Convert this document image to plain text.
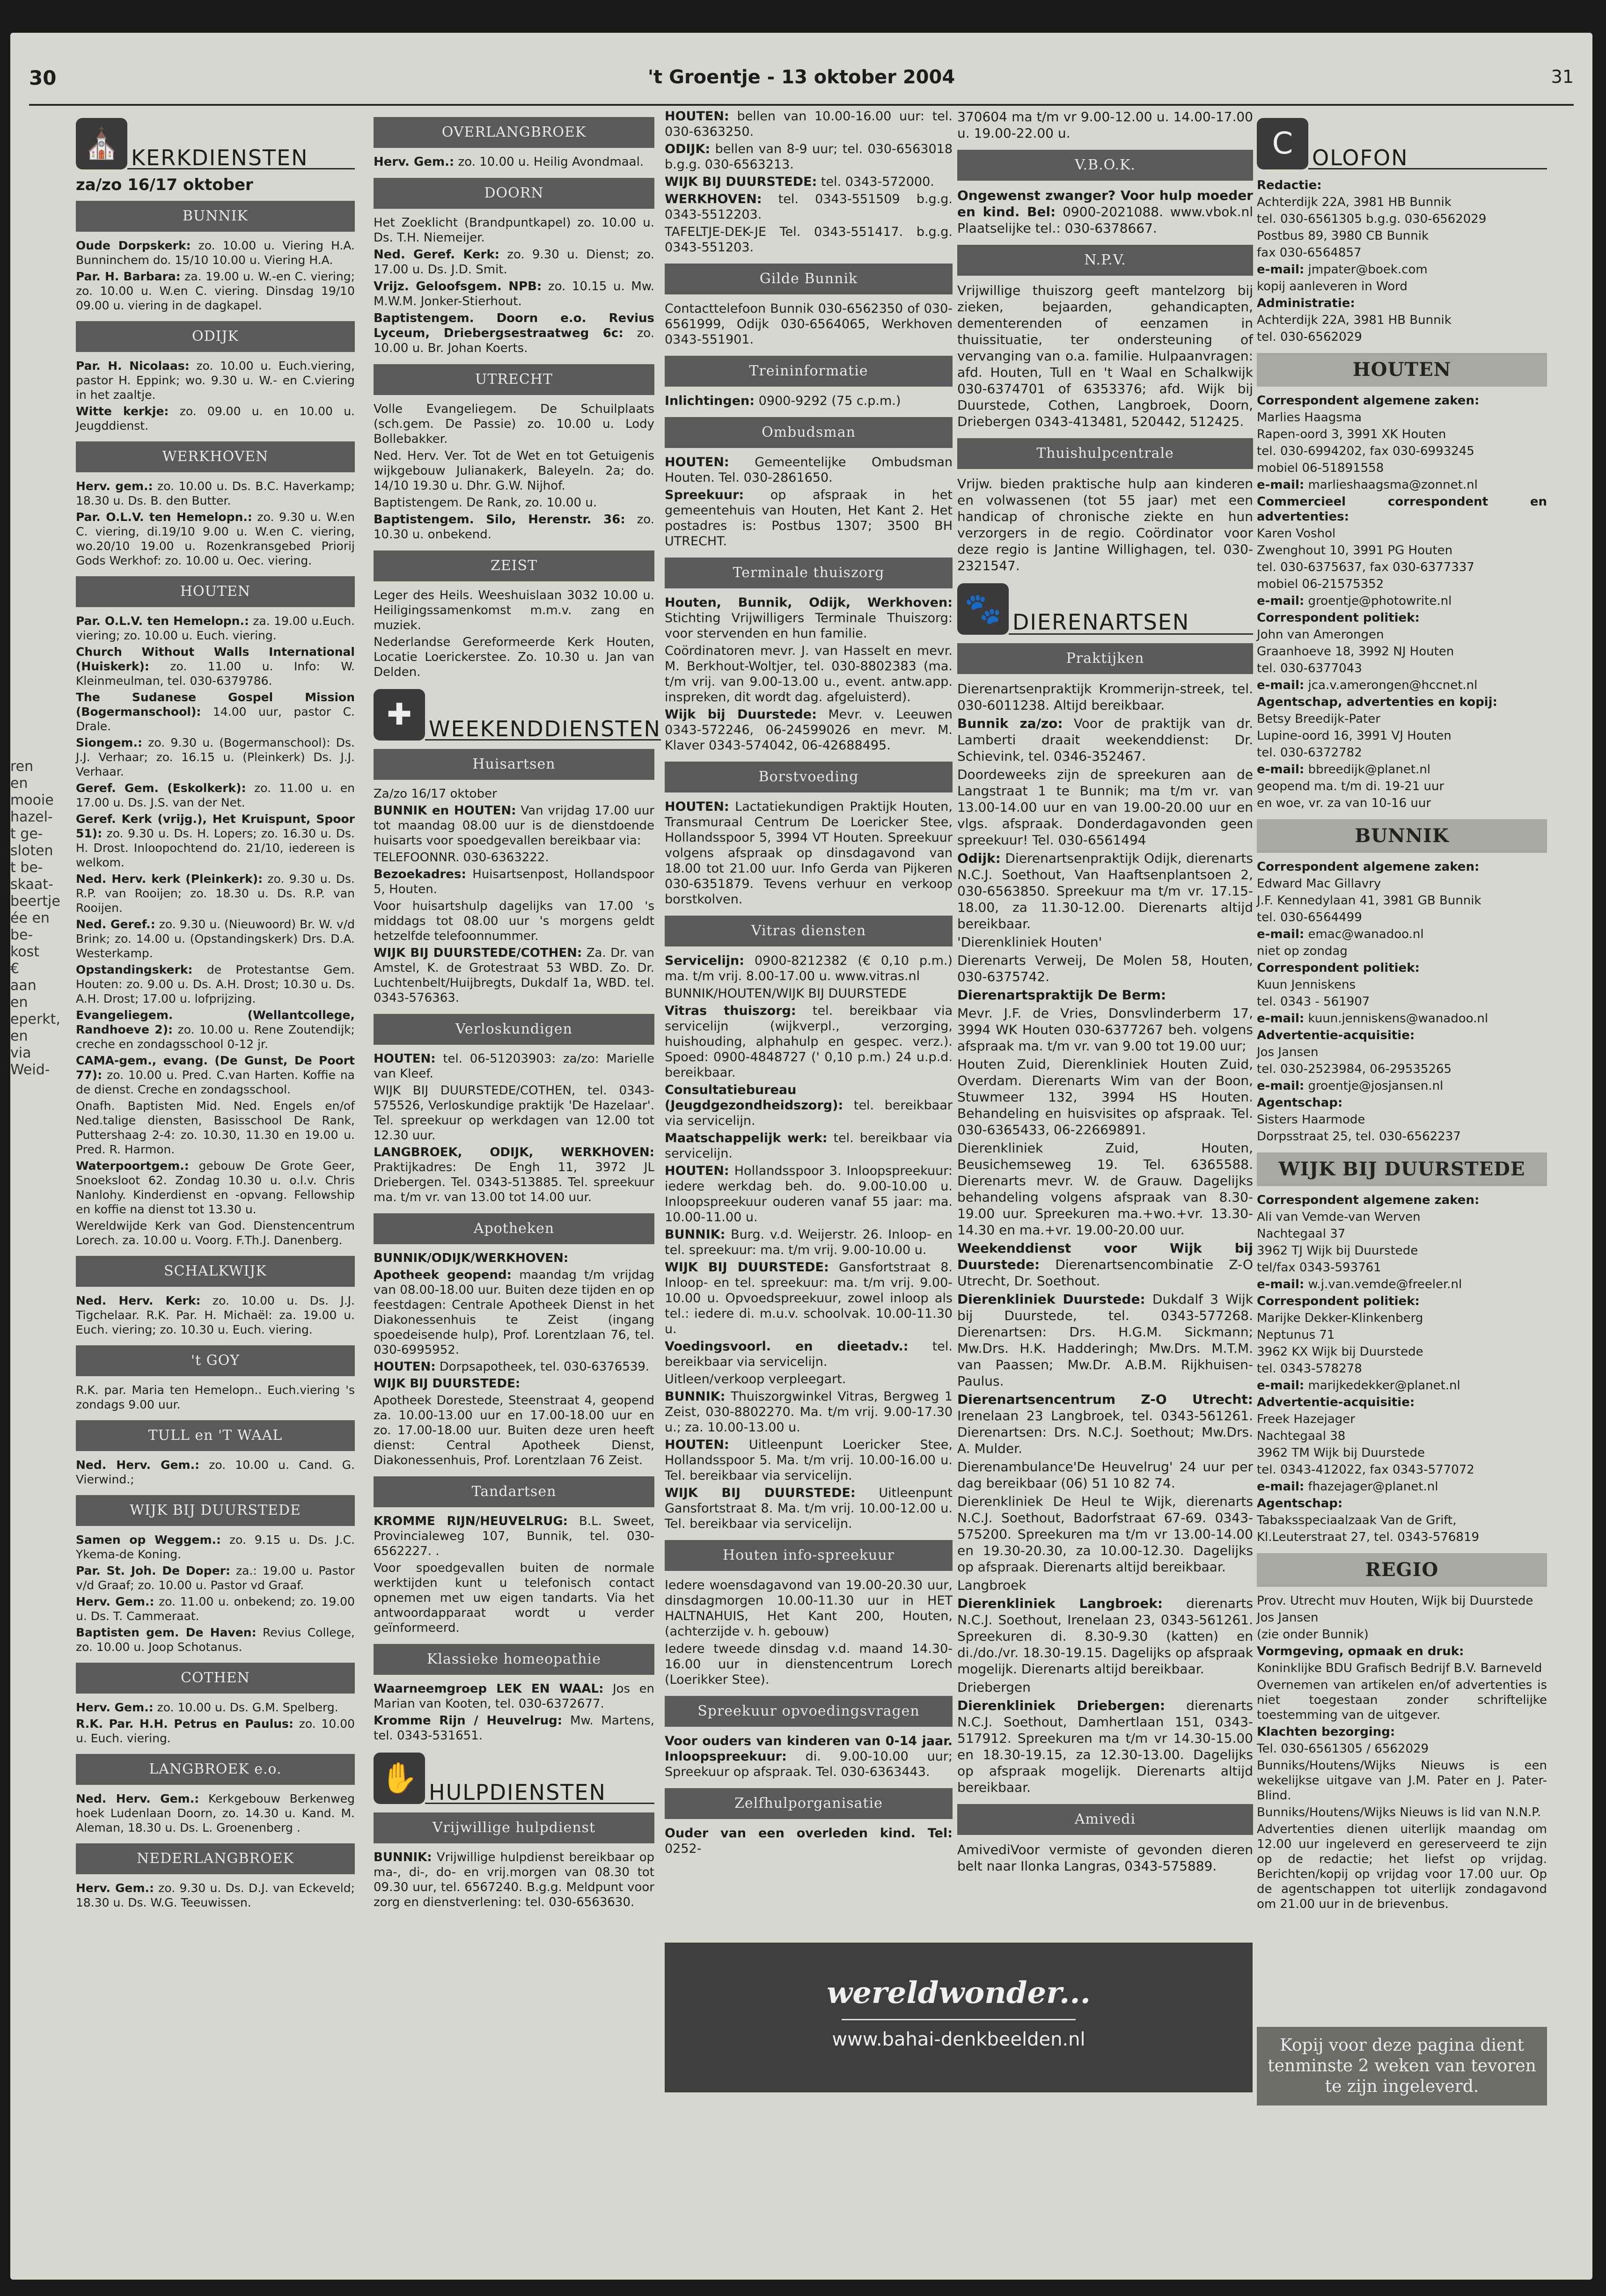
30	't Groentje - 13 oktober 2004	31
ren en
mooie
hazel-
t ge-
sloten
t be-
skaat-
beertje
ée en
be-
kost €
aan en
eperkt,
en via
Weid-
⛪ KERKDIENSTEN
za/zo 16/17 oktober
BUNNIK
Oude Dorpskerk: zo. 10.00 u. Viering H.A. Bunninchem do. 15/10 10.00 u. Viering H.A.
Par. H. Barbara: za. 19.00 u. W.-en C. viering; zo. 10.00 u. W.en C. viering. Dinsdag 19/10 09.00 u. viering in de dagkapel.
ODIJK
Par. H. Nicolaas: zo. 10.00 u. Euch.viering, pastor H. Eppink; wo. 9.30 u. W.- en C.viering in het zaaltje.
Witte kerkje: zo. 09.00 u. en 10.00 u. Jeugddienst.
WERKHOVEN
Herv. gem.: zo. 10.00 u. Ds. B.C. Haverkamp; 18.30 u. Ds. B. den Butter.
Par. O.L.V. ten Hemelopn.: zo. 9.30 u. W.en C. viering, di.19/10 9.00 u. W.en C. viering, wo.20/10 19.00 u. Rozenkransgebed Priorij Gods Werkhof: zo. 10.00 u. Oec. viering.
HOUTEN
Par. O.L.V. ten Hemelopn.: za. 19.00 u.Euch. viering; zo. 10.00 u. Euch. viering.
Church Without Walls International (Huiskerk): zo. 11.00 u. Info: W. Kleinmeulman, tel. 030-6379786.
The Sudanese Gospel Mission (Bogermanschool): 14.00 uur, pastor C. Drale.
Siongem.: zo. 9.30 u. (Bogermanschool): Ds. J.J. Verhaar; zo. 16.15 u. (Pleinkerk) Ds. J.J. Verhaar.
Geref. Gem. (Eskolkerk): zo. 11.00 u. en 17.00 u. Ds. J.S. van der Net.
Geref. Kerk (vrijg.), Het Kruispunt, Spoor 51): zo. 9.30 u. Ds. H. Lopers; zo. 16.30 u. Ds. H. Drost. Inloopochtend do. 21/10, iedereen is welkom.
Ned. Herv. kerk (Pleinkerk): zo. 9.30 u. Ds. R.P. van Rooijen; zo. 18.30 u. Ds. R.P. van Rooijen.
Ned. Geref.: zo. 9.30 u. (Nieuwoord) Br. W. v/d Brink; zo. 14.00 u. (Opstandingskerk) Drs. D.A. Westerkamp.
Opstandingskerk: de Protestantse Gem. Houten: zo. 9.00 u. Ds. A.H. Drost; 10.30 u. Ds. A.H. Drost; 17.00 u. lofprijzing.
Evangeliegem. (Wellantcollege, Randhoeve 2): zo. 10.00 u. Rene Zoutendijk; creche en zondagsschool 0-12 jr.
CAMA-gem., evang. (De Gunst, De Poort 77): zo. 10.00 u. Pred. C.van Harten. Koffie na de dienst. Creche en zondagsschool.
Onafh. Baptisten Mid. Ned. Engels en/of Ned.talige diensten, Basisschool De Rank, Puttershaag 2-4: zo. 10.30, 11.30 en 19.00 u. Pred. R. Harmon.
Waterpoortgem.: gebouw De Grote Geer, Snoeksloot 62. Zondag 10.30 u. o.l.v. Chris Nanlohy. Kinderdienst en -opvang. Fellowship en koffie na dienst tot 13.30 u.
Wereldwijde Kerk van God. Dienstencentrum Lorech. za. 10.00 u. Voorg. F.Th.J. Danenberg.
SCHALKWIJK
Ned. Herv. Kerk: zo. 10.00 u. Ds. J.J. Tigchelaar. R.K. Par. H. Michaël: za. 19.00 u. Euch. viering; zo. 10.30 u. Euch. viering.
't GOY
R.K. par. Maria ten Hemelopn.. Euch.viering 's zondags 9.00 uur.
TULL en 'T WAAL
Ned. Herv. Gem.: zo. 10.00 u. Cand. G. Vierwind.;
WIJK BIJ DUURSTEDE
Samen op Weggem.: zo. 9.15 u. Ds. J.C. Ykema-de Koning.
Par. St. Joh. De Doper: za.: 19.00 u. Pastor v/d Graaf; zo. 10.00 u. Pastor vd Graaf.
Herv. Gem.: zo. 11.00 u. onbekend; zo. 19.00 u. Ds. T. Cammeraat.
Baptisten gem. De Haven: Revius College, zo. 10.00 u. Joop Schotanus.
COTHEN
Herv. Gem.: zo. 10.00 u. Ds. G.M. Spelberg.
R.K. Par. H.H. Petrus en Paulus: zo. 10.00 u. Euch. viering.
LANGBROEK e.o.
Ned. Herv. Gem.: Kerkgebouw Berkenweg hoek Ludenlaan Doorn, zo. 14.30 u. Kand. M. Aleman, 18.30 u. Ds. L. Groenenberg .
NEDERLANGBROEK
Herv. Gem.: zo. 9.30 u. Ds. D.J. van Eckeveld; 18.30 u. Ds. W.G. Teeuwissen.
OVERLANGBROEK
Herv. Gem.: zo. 10.00 u. Heilig Avondmaal.
DOORN
Het Zoeklicht (Brandpuntkapel) zo. 10.00 u. Ds. T.H. Niemeijer.
Ned. Geref. Kerk: zo. 9.30 u. Dienst; zo. 17.00 u. Ds. J.D. Smit.
Vrijz. Geloofsgem. NPB: zo. 10.15 u. Mw. M.W.M. Jonker-Stierhout.
Baptistengem. Doorn e.o. Revius Lyceum, Driebergsestraatweg 6c: zo. 10.00 u. Br. Johan Koerts.
UTRECHT
Volle Evangeliegem. De Schuilplaats (sch.gem. De Passie) zo. 10.00 u. Lody Bollebakker.
Ned. Herv. Ver. Tot de Wet en tot Getuigenis wijkgebouw Julianakerk, Baleyeln. 2a; do. 14/10 19.30 u. Dhr. G.W. Nijhof.
Baptistengem. De Rank, zo. 10.00 u.
Baptistengem. Silo, Herenstr. 36: zo. 10.30 u. onbekend.
ZEIST
Leger des Heils. Weeshuislaan 3032 10.00 u. Heiligingssamenkomst m.m.v. zang en muziek.
Nederlandse Gereformeerde Kerk Houten, Locatie Loerickerstee. Zo. 10.30 u. Jan van Delden.
✚ WEEKENDDIENSTEN
Huisartsen
Za/zo 16/17 oktober
BUNNIK en HOUTEN: Van vrijdag 17.00 uur tot maandag 08.00 uur is de dienstdoende huisarts voor spoedgevallen bereikbaar via:
TELEFOONNR. 030-6363222.
Bezoekadres: Huisartsenpost, Hollandspoor 5, Houten.
Voor huisartshulp dagelijks van 17.00 's middags tot 08.00 uur 's morgens geldt hetzelfde telefoonnummer.
WIJK BIJ DUURSTEDE/COTHEN: Za. Dr. van Amstel, K. de Grotestraat 53 WBD. Zo. Dr. Luchtenbelt/Huijbregts, Dukdalf 1a, WBD. tel. 0343-576363.
Verloskundigen
HOUTEN: tel. 06-51203903: za/zo: Marielle van Kleef.
WIJK BIJ DUURSTEDE/COTHEN, tel. 0343-575526, Verloskundige praktijk 'De Hazelaar'. Tel. spreekuur op werkdagen van 12.00 tot 12.30 uur.
LANGBROEK, ODIJK, WERKHOVEN: Praktijkadres: De Engh 11, 3972 JL Driebergen. Tel. 0343-513885. Tel. spreekuur ma. t/m vr. van 13.00 tot 14.00 uur.
Apotheken
BUNNIK/ODIJK/WERKHOVEN:
Apotheek geopend: maandag t/m vrijdag van 08.00-18.00 uur. Buiten deze tijden en op feestdagen: Centrale Apotheek Dienst in het Diakonessenhuis te Zeist (ingang spoedeisende hulp), Prof. Lorentzlaan 76, tel. 030-6995952.
HOUTEN: Dorpsapotheek, tel. 030-6376539.
WIJK BIJ DUURSTEDE:
Apotheek Dorestede, Steenstraat 4, geopend za. 10.00-13.00 uur en 17.00-18.00 uur en zo. 17.00-18.00 uur. Buiten deze uren heeft dienst: Central Apotheek Dienst, Diakonessenhuis, Prof. Lorentzlaan 76 Zeist.
Tandartsen
KROMME RIJN/HEUVELRUG: B.L. Sweet, Provincialeweg 107, Bunnik, tel. 030-6562227. .
Voor spoedgevallen buiten de normale werktijden kunt u telefonisch contact opnemen met uw eigen tandarts. Via het antwoordapparaat wordt u verder geïnformeerd.
Klassieke homeopathie
Waarneemgroep LEK EN WAAL: Jos en Marian van Kooten, tel. 030-6372677.
Kromme Rijn / Heuvelrug: Mw. Martens, tel. 0343-531651.
✋ HULPDIENSTEN
Vrijwillige hulpdienst
BUNNIK: Vrijwillige hulpdienst bereikbaar op ma-, di-, do- en vrij.morgen van 08.30 tot 09.30 uur, tel. 6567240. B.g.g. Meldpunt voor zorg en dienstverlening: tel. 030-6563630.
HOUTEN: bellen van 10.00-16.00 uur: tel. 030-6363250.
ODIJK: bellen van 8-9 uur; tel. 030-6563018 b.g.g. 030-6563213.
WIJK BIJ DUURSTEDE: tel. 0343-572000.
WERKHOVEN: tel. 0343-551509 b.g.g. 0343-5512203.
TAFELTJE-DEK-JE Tel. 0343-551417. b.g.g. 0343-551203.
Gilde Bunnik
Contacttelefoon Bunnik 030-6562350 of 030-6561999, Odijk 030-6564065, Werkhoven 0343-551901.
Treininformatie
Inlichtingen: 0900-9292 (75 c.p.m.)
Ombudsman
HOUTEN: Gemeentelijke Ombudsman Houten. Tel. 030-2861650.
Spreekuur: op afspraak in het gemeentehuis van Houten, Het Kant 2. Het postadres is: Postbus 1307; 3500 BH UTRECHT.
Terminale thuiszorg
Houten, Bunnik, Odijk, Werkhoven: Stichting Vrijwilligers Terminale Thuiszorg: voor stervenden en hun familie.
Coördinatoren mevr. J. van Hasselt en mevr. M. Berkhout-Woltjer, tel. 030-8802383 (ma. t/m vrij. van 9.00-13.00 u., event. antw.app. inspreken, dit wordt dag. afgeluisterd).
Wijk bij Duurstede: Mevr. v. Leeuwen 0343-572246, 06-24599026 en mevr. M. Klaver 0343-574042, 06-42688495.
Borstvoeding
HOUTEN: Lactatiekundigen Praktijk Houten, Transmuraal Centrum De Loericker Stee, Hollandsspoor 5, 3994 VT Houten. Spreekuur volgens afspraak op dinsdagavond van 18.00 tot 21.00 uur. Info Gerda van Pijkeren 030-6351879. Tevens verhuur en verkoop borstkolven.
Vitras diensten
Servicelijn: 0900-8212382 (€ 0,10 p.m.) ma. t/m vrij. 8.00-17.00 u. www.vitras.nl
BUNNIK/HOUTEN/WIJK BIJ DUURSTEDE
Vitras thuiszorg: tel. bereikbaar via servicelijn (wijkverpl., verzorging, huishouding, alphahulp en gespec. verz.). Spoed: 0900-4848727 (' 0,10 p.m.) 24 u.p.d. bereikbaar.
Consultatiebureau (Jeugdgezondheidszorg): tel. bereikbaar via servicelijn.
Maatschappelijk werk: tel. bereikbaar via servicelijn.
HOUTEN: Hollandsspoor 3. Inloopspreekuur: iedere werkdag beh. do. 9.00-10.00 u. Inloopspreekuur ouderen vanaf 55 jaar: ma. 10.00-11.00 u.
BUNNIK: Burg. v.d. Weijerstr. 26. Inloop- en tel. spreekuur: ma. t/m vrij. 9.00-10.00 u.
WIJK BIJ DUURSTEDE: Gansfortstraat 8. Inloop- en tel. spreekuur: ma. t/m vrij. 9.00-10.00 u. Opvoedspreekuur, zowel inloop als tel.: iedere di. m.u.v. schoolvak. 10.00-11.30 u.
Voedingsvoorl. en dieetadv.: tel. bereikbaar via servicelijn.
Uitleen/verkoop verpleegart.
BUNNIK: Thuiszorgwinkel Vitras, Bergweg 1 Zeist, 030-8802270. Ma. t/m vrij. 9.00-17.30 u.; za. 10.00-13.00 u.
HOUTEN: Uitleenpunt Loericker Stee, Hollandsspoor 5. Ma. t/m vrij. 10.00-16.00 u. Tel. bereikbaar via servicelijn.
WIJK BIJ DUURSTEDE: Uitleenpunt Gansfortstraat 8. Ma. t/m vrij. 10.00-12.00 u. Tel. bereikbaar via servicelijn.
Houten info-spreekuur
Iedere woensdagavond van 19.00-20.30 uur, dinsdagmorgen 10.00-11.30 uur in HET HALTNAHUIS, Het Kant 200, Houten, (achterzijde v. h. gebouw)
Iedere tweede dinsdag v.d. maand 14.30-16.00 uur in dienstencentrum Lorech (Loerikker Stee).
Spreekuur opvoedingsvragen
Voor ouders van kinderen van 0-14 jaar. Inloopspreekuur: di. 9.00-10.00 uur; Spreekuur op afspraak. Tel. 030-6363443.
Zelfhulporganisatie
Ouder van een overleden kind. Tel: 0252-
370604 ma t/m vr 9.00-12.00 u. 14.00-17.00 u. 19.00-22.00 u.
V.B.O.K.
Ongewenst zwanger? Voor hulp moeder en kind. Bel: 0900-2021088. www.vbok.nl Plaatselijke tel.: 030-6378667.
N.P.V.
Vrijwillige thuiszorg geeft mantelzorg bij zieken, bejaarden, gehandicapten, dementerenden of eenzamen in thuissituatie, ter ondersteuning of vervanging van o.a. familie. Hulpaanvragen: afd. Houten, Tull en 't Waal en Schalkwijk 030-6374701 of 6353376; afd. Wijk bij Duurstede, Cothen, Langbroek, Doorn, Driebergen 0343-413481, 520442, 512425.
Thuishulpcentrale
Vrijw. bieden praktische hulp aan kinderen en volwassenen (tot 55 jaar) met een handicap of chronische ziekte en hun verzorgers in de regio. Coördinator voor deze regio is Jantine Willighagen, tel. 030-2321547.
🐾 DIERENARTSEN
Praktijken
Dierenartsenpraktijk Krommerijn-streek, tel. 030-6011238. Altijd bereikbaar.
Bunnik za/zo: Voor de praktijk van dr. Lamberti draait weekenddienst: Dr. Schievink, tel. 0346-352467.
Doordeweeks zijn de spreekuren aan de Langstraat 1 te Bunnik; ma t/m vr. van 13.00-14.00 uur en van 19.00-20.00 uur en vlgs. afspraak. Donderdagavonden geen spreekuur! Tel. 030-6561494
Odijk: Dierenartsenpraktijk Odijk, dierenarts N.C.J. Soethout, Van Haaftsenplantsoen 2, 030-6563850. Spreekuur ma t/m vr. 17.15-18.00, za 11.30-12.00. Dierenarts altijd bereikbaar.
'Dierenkliniek Houten'
Dierenarts Verweij, De Molen 58, Houten, 030-6375742.
Dierenartspraktijk De Berm:
Mevr. J.F. de Vries, Donsvlinderberm 17, 3994 WK Houten 030-6377267 beh. volgens afspraak ma. t/m vr. van 9.00 tot 19.00 uur;
Houten Zuid, Dierenkliniek Houten Zuid, Overdam. Dierenarts Wim van der Boon, Stuwmeer 132, 3994 HS Houten. Behandeling en huisvisites op afspraak. Tel. 030-6365433, 06-22669891.
Dierenkliniek Zuid, Houten, Beusichemseweg 19. Tel. 6365588. Dierenarts mevr. W. de Grauw. Dagelijks behandeling volgens afspraak van 8.30-19.00 uur. Spreekuren ma.+wo.+vr. 13.30-14.30 en ma.+vr. 19.00-20.00 uur.
Weekenddienst voor Wijk bij Duurstede: Dierenartsencombinatie Z-O Utrecht, Dr. Soethout.
Dierenkliniek Duurstede: Dukdalf 3 Wijk bij Duurstede, tel. 0343-577268. Dierenartsen: Drs. H.G.M. Sickmann; Mw.Drs. H.K. Hadderingh; Mw.Drs. M.T.M. van Paassen; Mw.Dr. A.B.M. Rijkhuisen-Paulus.
Dierenartsencentrum Z-O Utrecht: Irenelaan 23 Langbroek, tel. 0343-561261. Dierenartsen: Drs. N.C.J. Soethout; Mw.Drs. A. Mulder.
Dierenambulance'De Heuvelrug' 24 uur per dag bereikbaar (06) 51 10 82 74.
Dierenkliniek De Heul te Wijk, dierenarts N.C.J. Soethout, Badorfstraat 67-69. 0343-575200. Spreekuren ma t/m vr 13.00-14.00 en 19.30-20.30, za 10.00-12.30. Dagelijks op afspraak. Dierenarts altijd bereikbaar.
Langbroek
Dierenkliniek Langbroek: dierenarts N.C.J. Soethout, Irenelaan 23, 0343-561261. Spreekuren di. 8.30-9.30 (katten) en di./do./vr. 18.30-19.15. Dagelijks op afspraak mogelijk. Dierenarts altijd bereikbaar.
Driebergen
Dierenkliniek Driebergen: dierenarts N.C.J. Soethout, Damhertlaan 151, 0343-517912. Spreekuren ma t/m vr 14.30-15.00 en 18.30-19.15, za 12.30-13.00. Dagelijks op afspraak mogelijk. Dierenarts altijd bereikbaar.
Amivedi
AmivediVoor vermiste of gevonden dieren belt naar Ilonka Langras, 0343-575889.
C OLOFON
Redactie:
Achterdijk 22A, 3981 HB Bunnik
tel. 030-6561305 b.g.g. 030-6562029
Postbus 89, 3980 CB Bunnik
fax 030-6564857
e-mail: jmpater@boek.com
kopij aanleveren in Word
Administratie:
Achterdijk 22A, 3981 HB Bunnik
tel. 030-6562029
HOUTEN
Correspondent algemene zaken:
Marlies Haagsma
Rapen-oord 3, 3991 XK Houten
tel. 030-6994202, fax 030-6993245
mobiel 06-51891558
e-mail: marlieshaagsma@zonnet.nl
Commercieel correspondent en advertenties:
Karen Voshol
Zwenghout 10, 3991 PG Houten
tel. 030-6375637, fax 030-6377337
mobiel 06-21575352
e-mail: groentje@photowrite.nl
Correspondent politiek:
John van Amerongen
Graanhoeve 18, 3992 NJ Houten
tel. 030-6377043
e-mail: jca.v.amerongen@hccnet.nl
Agentschap, advertenties en kopij:
Betsy Breedijk-Pater
Lupine-oord 16, 3991 VJ Houten
tel. 030-6372782
e-mail: bbreedijk@planet.nl
geopend ma. t/m di. 19-21 uur
en woe, vr. za van 10-16 uur
BUNNIK
Correspondent algemene zaken:
Edward Mac Gillavry
J.F. Kennedylaan 41, 3981 GB Bunnik
tel. 030-6564499
e-mail: emac@wanadoo.nl
niet op zondag
Correspondent politiek:
Kuun Jenniskens
tel. 0343 - 561907
e-mail: kuun.jenniskens@wanadoo.nl
Advertentie-acquisitie:
Jos Jansen
tel. 030-2523984, 06-29535265
e-mail: groentje@josjansen.nl
Agentschap:
Sisters Haarmode
Dorpsstraat 25, tel. 030-6562237
WIJK BIJ DUURSTEDE
Correspondent algemene zaken:
Ali van Vemde-van Werven
Nachtegaal 37
3962 TJ Wijk bij Duurstede
tel/fax 0343-593761
e-mail: w.j.van.vemde@freeler.nl
Correspondent politiek:
Marijke Dekker-Klinkenberg
Neptunus 71
3962 KX Wijk bij Duurstede
tel. 0343-578278
e-mail: marijkedekker@planet.nl
Advertentie-acquisitie:
Freek Hazejager
Nachtegaal 38
3962 TM Wijk bij Duurstede
tel. 0343-412022, fax 0343-577072
e-mail: fhazejager@planet.nl
Agentschap:
Tabaksspeciaalzaak Van de Grift,
Kl.Leuterstraat 27, tel. 0343-576819
REGIO
Prov. Utrecht muv Houten, Wijk bij Duurstede
Jos Jansen
(zie onder Bunnik)
Vormgeving, opmaak en druk:
Koninklijke BDU Grafisch Bedrijf B.V. Barneveld
Overnemen van artikelen en/of advertenties is niet toegestaan zonder schriftelijke toestemming van de uitgever.
Klachten bezorging:
Tel. 030-6561305 / 6562029
Bunniks/Houtens/Wijks Nieuws is een wekelijkse uitgave van J.M. Pater en J. Pater-Blind.
Bunniks/Houtens/Wijks Nieuws is lid van N.N.P.
Advertenties dienen uiterlijk maandag om 12.00 uur ingeleverd en gereserveerd te zijn op de redactie; het liefst op vrijdag. Berichten/kopij op vrijdag voor 17.00 uur. Op de agentschappen tot uiterlijk zondagavond om 21.00 uur in de brievenbus.
wereldwonder...
www.bahai-denkbeelden.nl	Kopij voor deze pagina dient tenminste 2 weken van tevoren te zijn ingeleverd.
